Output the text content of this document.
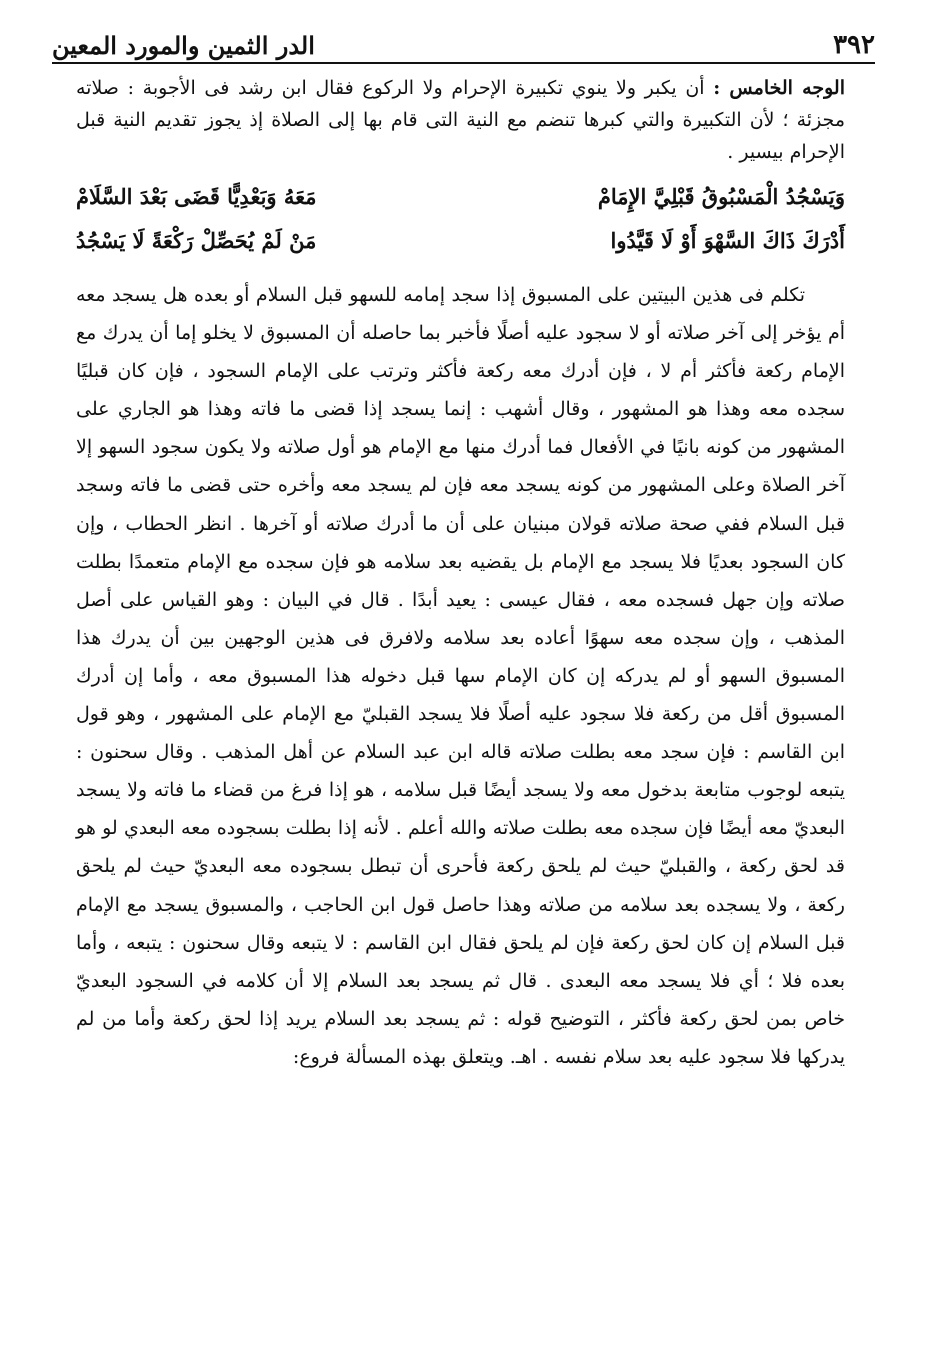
٣٩٢
الدر الثمين والمورد المعين

الوجه الخامس : أن يكبر ولا ينوي تكبيرة الإحرام ولا الركوع فقال ابن رشد فى الأجوبة : صلاته مجزئة ؛ لأن التكبيرة والتي كبرها تنضم مع النية التى قام بها إلى الصلاة إذ يجوز تقديم النية قبل الإحرام بيسير .

وَيَسْجُدُ الْمَسْبُوقُ قَبْلِيَّ الإِمَامْ
مَعَهُ وَبَعْدِيًّا قَضَى بَعْدَ السَّلَامْ
أَدْرَكَ ذَاكَ السَّهْوَ أَوْ لَا قَيَّدُوا
مَنْ لَمْ يُحَصِّلْ رَكْعَةً لَا يَسْجُدُ

تكلم فى هذين البيتين على المسبوق إذا سجد إمامه للسهو قبل السلام أو بعده هل يسجد معه أم يؤخر إلى آخر صلاته أو لا سجود عليه أصلًا فأخبر بما حاصله أن المسبوق لا يخلو إما أن يدرك مع الإمام ركعة فأكثر أم لا ، فإن أدرك معه ركعة فأكثر وترتب على الإمام السجود ، فإن كان قبليًا سجده معه وهذا هو المشهور ، وقال أشهب : إنما يسجد إذا قضى ما فاته وهذا هو الجاري على المشهور من كونه بانيًا في الأفعال فما أدرك منها مع الإمام هو أول صلاته ولا يكون سجود السهو إلا آخر الصلاة وعلى المشهور من كونه يسجد معه فإن لم يسجد معه وأخره حتى قضى ما فاته وسجد قبل السلام ففي صحة صلاته قولان مبنيان على أن ما أدرك صلاته أو آخرها . انظر الحطاب ، وإن كان السجود بعديًا فلا يسجد مع الإمام بل يقضيه بعد سلامه هو فإن سجده مع الإمام متعمدًا بطلت صلاته وإن جهل فسجده معه ، فقال عيسى : يعيد أبدًا . قال في البيان : وهو القياس على أصل المذهب ، وإن سجده معه سهوًا أعاده بعد سلامه ولافرق فى هذين الوجهين بين أن يدرك هذا المسبوق السهو أو لم يدركه إن كان الإمام سها قبل دخوله هذا المسبوق معه ، وأما إن أدرك المسبوق أقل من ركعة فلا سجود عليه أصلًا فلا يسجد القبليّ مع الإمام على المشهور ، وهو قول ابن القاسم : فإن سجد معه بطلت صلاته قاله ابن عبد السلام عن أهل المذهب . وقال سحنون : يتبعه لوجوب متابعة بدخول معه ولا يسجد أيضًا قبل سلامه ، هو إذا فرغ من قضاء ما فاته ولا يسجد البعديّ معه أيضًا فإن سجده معه بطلت صلاته والله أعلم . لأنه إذا بطلت بسجوده معه البعدي لو هو قد لحق ركعة ، والقبليّ حيث لم يلحق ركعة فأحرى أن تبطل بسجوده معه البعديّ حيث لم يلحق ركعة ، ولا يسجده بعد سلامه من صلاته وهذا حاصل قول ابن الحاجب ، والمسبوق يسجد مع الإمام قبل السلام إن كان لحق ركعة فإن لم يلحق فقال ابن القاسم : لا يتبعه وقال سحنون : يتبعه ، وأما بعده فلا ؛ أي فلا يسجد معه البعدى . قال ثم يسجد بعد السلام إلا أن كلامه في السجود البعديّ خاص بمن لحق ركعة فأكثر ، التوضيح قوله : ثم يسجد بعد السلام يريد إذا لحق ركعة وأما من لم يدركها فلا سجود عليه بعد سلام نفسه . اهـ. ويتعلق بهذه المسألة فروع:
